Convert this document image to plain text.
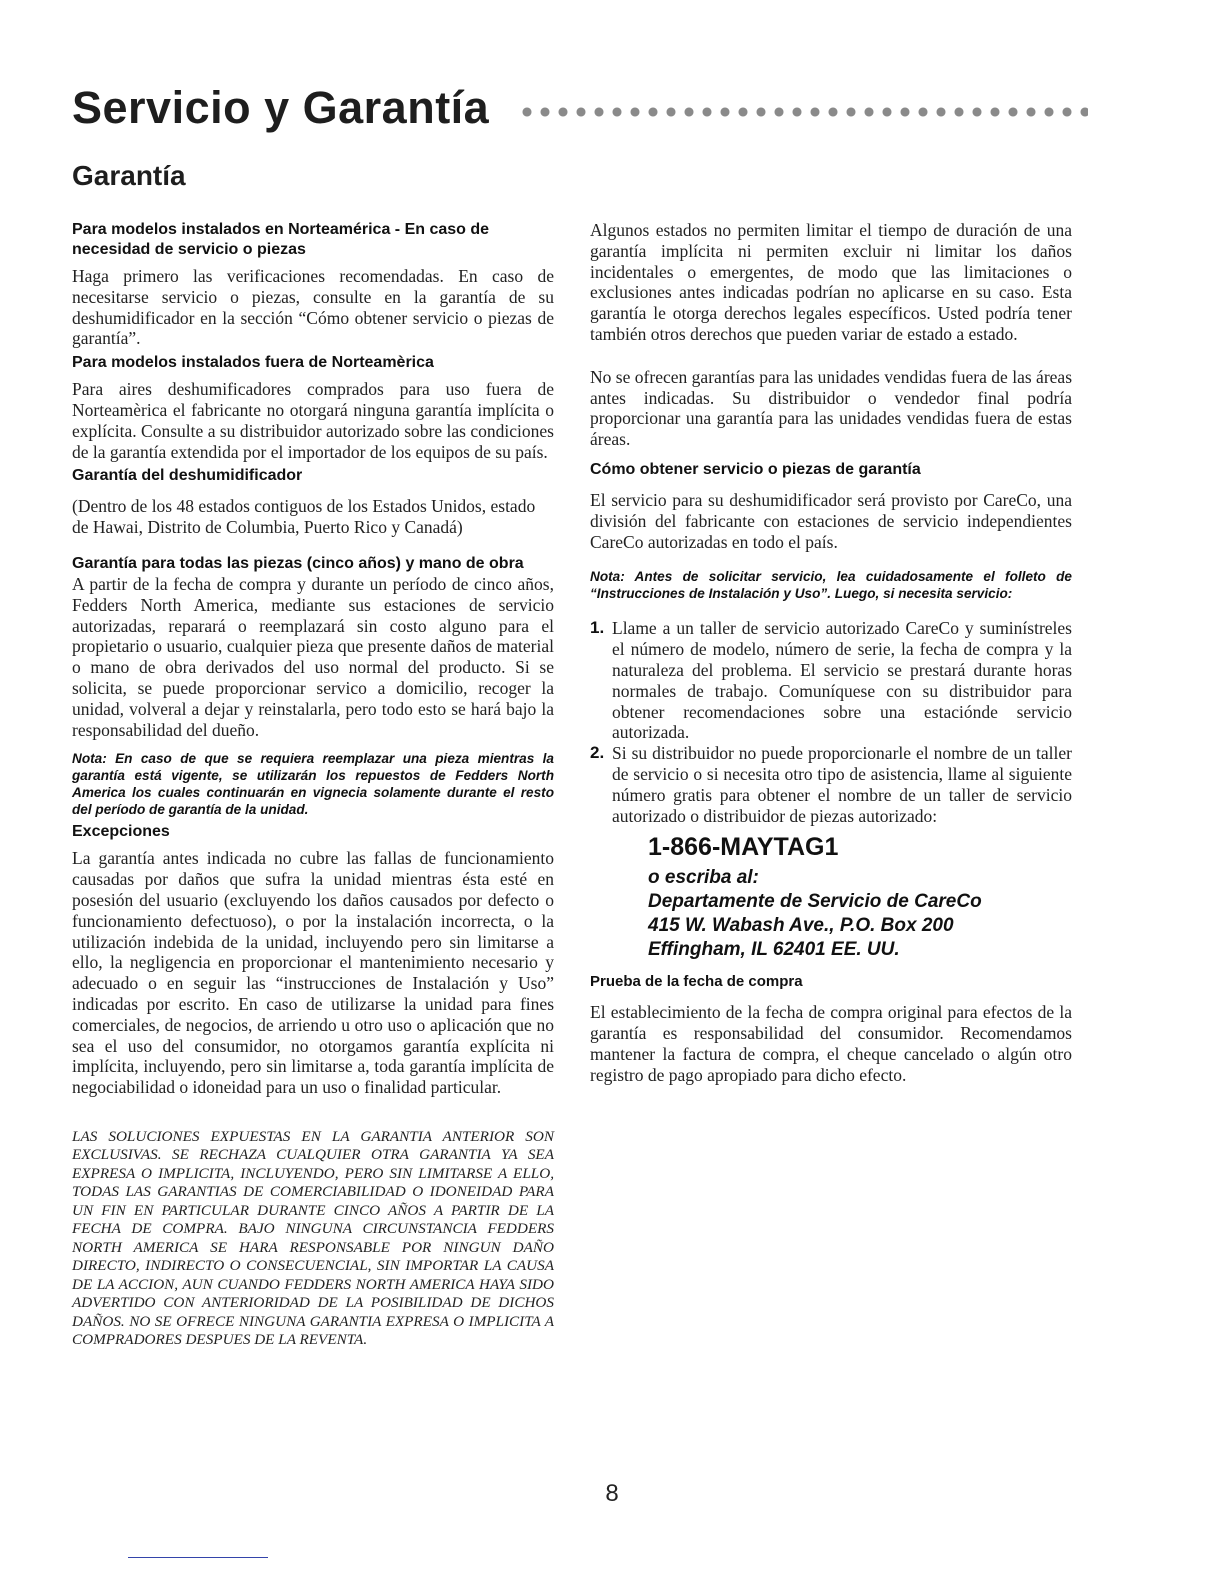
Servicio y Garantía
Garantía
Para modelos instalados en Norteamérica - En caso de necesidad de servicio o piezas

Haga primero las verificaciones recomendadas. En caso de necesitarse servicio o piezas, consulte en la garantía de su deshumidificador en la sección “Cómo obtener servicio o piezas de garantía”.

Para modelos instalados fuera de Norteamèrica

Para aires deshumificadores comprados para uso fuera de Norteamèrica el fabricante no otorgará ninguna garantía implícita o explícita. Consulte a su distribuidor autorizado sobre las condiciones de la garantía extendida por el importador de los equipos de su país.

Garantía del deshumidificador

(Dentro de los 48 estados contiguos de los Estados Unidos, estado de Hawai, Distrito de Columbia, Puerto Rico y Canadá)

Garantía para todas las piezas (cinco años) y mano de obra

A partir de la fecha de compra y durante un período de cinco años, Fedders North America, mediante sus estaciones de servicio autorizadas, reparará o reemplazará sin costo alguno para el propietario o usuario, cualquier pieza que presente daños de material o mano de obra derivados del uso normal del producto. Si se solicita, se puede proporcionar servico a domicilio, recoger la unidad, volveral a dejar y reinstalarla, pero todo esto se hará bajo la responsabilidad del dueño.

Nota: En caso de que se requiera reemplazar una pieza mientras la garantía está vigente, se utilizarán los repuestos de Fedders North America los cuales continuarán en vignecia solamente durante el resto del período de garantía de la unidad.

Excepciones

La garantía antes indicada no cubre las fallas de funcionamiento causadas por daños que sufra la unidad mientras ésta esté en posesión del usuario (excluyendo los daños causados por defecto o funcionamiento defectuoso), o por la instalación incorrecta, o la utilización indebida de la unidad, incluyendo pero sin limitarse a ello, la negligencia en proporcionar el mantenimiento necesario y adecuado o en seguir las “instrucciones de Instalación y Uso” indicadas por escrito. En caso de utilizarse la unidad para fines comerciales, de negocios, de arriendo u otro uso o aplicación que no sea el uso del consumidor, no otorgamos garantía explícita ni implícita, incluyendo, pero sin limitarse a, toda garantía implícita de negociabilidad o idoneidad para un uso o finalidad particular.

LAS SOLUCIONES EXPUESTAS EN LA GARANTIA ANTERIOR SON EXCLUSIVAS. SE RECHAZA CUALQUIER OTRA GARANTIA YA SEA EXPRESA O IMPLICITA, INCLUYENDO, PERO SIN LIMITARSE A ELLO, TODAS LAS GARANTIAS DE COMERCIABILIDAD O IDONEIDAD PARA UN FIN EN PARTICULAR DURANTE CINCO AÑOS A PARTIR DE LA FECHA DE COMPRA. BAJO NINGUNA CIRCUNSTANCIA FEDDERS NORTH AMERICA SE HARA RESPONSABLE POR NINGUN DAÑO DIRECTO, INDIRECTO O CONSECUENCIAL, SIN IMPORTAR LA CAUSA DE LA ACCION, AUN CUANDO FEDDERS NORTH AMERICA HAYA SIDO ADVERTIDO CON ANTERIORIDAD DE LA POSIBILIDAD DE DICHOS DAÑOS. NO SE OFRECE NINGUNA GARANTIA EXPRESA O IMPLICITA A COMPRADORES DESPUES DE LA REVENTA.

Algunos estados no permiten limitar el tiempo de duración de una garantía implícita ni permiten excluir ni limitar los daños incidentales o emergentes, de modo que las limitaciones o exclusiones antes indicadas podrían no aplicarse en su caso. Esta garantía le otorga derechos legales específicos. Usted podría tener también otros derechos que pueden variar de estado a estado.

No se ofrecen garantías para las unidades vendidas fuera de las áreas antes indicadas. Su distribuidor o vendedor final podría proporcionar una garantía para las unidades vendidas fuera de estas áreas.

Cómo obtener servicio o piezas de garantía

El servicio para su deshumidificador será provisto por CareCo, una división del fabricante con estaciones de servicio independientes CareCo autorizadas en todo el país.

Nota: Antes de solicitar servicio, lea cuidadosamente el folleto de “Instrucciones de Instalación y Uso”. Luego, si necesita servicio:

1. Llame a un taller de servicio autorizado CareCo y suminístreles el número de modelo, número de serie, la fecha de compra y la naturaleza del problema. El servicio se prestará durante horas normales de trabajo. Comuníquese con su distribuidor para obtener recomendaciones sobre una estacióndе servicio autorizada.

2. Si su distribuidor no puede proporcionarle el nombre de un taller de servicio o si necesita otro tipo de asistencia, llame al siguiente número gratis para obtener el nombre de un taller de servicio autorizado o distribuidor de piezas autorizado:

1-866-MAYTAG1

o escriba al:

Departamente de Servicio de CareCo

415 W. Wabash Ave., P.O. Box 200

Effingham, IL 62401 EE. UU.

Prueba de la fecha de compra

El establecimiento de la fecha de compra original para efectos de la garantía es responsabilidad del consumidor. Recomendamos mantener la factura de compra, el cheque cancelado o algún otro registro de pago apropiado para dicho efecto.

8
